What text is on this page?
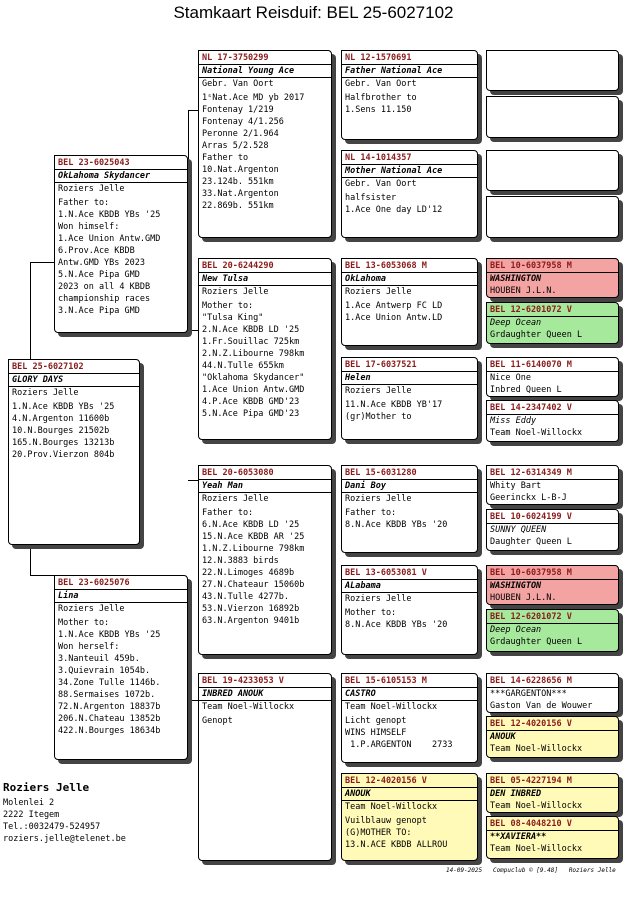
Stamkaart Reisduif: BEL 25-6027102
BEL 25-6027102
GLORY DAYS
Roziers Jelle
1.N.Ace KBDB YBs '25
4.N.Argenton 11600b
10.N.Bourges 21502b
165.N.Bourges 13213b
20.Prov.Vierzon 804b
BEL 23-6025043
OkLahoma Skydancer
Roziers Jelle
Father to:
1.N.Ace KBDB YBs '25
Won himself:
1.Ace Union Antw.GMD
6.Prov.Ace KBDB
Antw.GMD YBs 2023
5.N.Ace Pipa GMD
2023 on all 4 KBDB
championship races
3.N.Ace Pipa GMD
BEL 23-6025076
Lina
Roziers Jelle
Mother to:
1.N.Ace KBDB YBs '25
Won herself:
3.Nanteuil 459b.
3.Quievrain 1054b.
34.Zone Tulle 1146b.
88.Sermaises 1072b.
72.N.Argenton 18837b
206.N.Chateau 13852b
422.N.Bourges 18634b
NL 17-3750299
National Young Ace
Gebr. Van Oort
1ˢNat.Ace MD yb 2017
Fontenay 1/219
Fontenay 4/1.256
Peronne 2/1.964
Arras 5/2.528
Father to
10.Nat.Argenton
23.124b. 551km
33.Nat.Argenton
22.869b. 551km
BEL 20-6244290
New Tulsa
Roziers Jelle
Mother to:
"Tulsa King"
2.N.Ace KBDB LD '25
1.Fr.Souillac 725km
2.N.Z.Libourne 798km
44.N.Tulle 655km
"Oklahoma Skydancer"
1.Ace Union Antw.GMD
4.P.Ace KBDB GMD'23
5.N.Ace Pipa GMD'23
BEL 20-6053080
Yeah Man
Roziers Jelle
Father to:
6.N.Ace KBDB LD '25
15.N.Ace KBDB AR '25
1.N.Z.Libourne 798km
12.N.3883 birds
22.N.Limoges 4689b
27.N.Chateaur 15060b
43.N.Tulle 4277b.
53.N.Vierzon 16892b
63.N.Argenton 9401b
BEL 19-4233053 V
INBRED ANOUK
Team Noel-Willockx
Genopt
NL 12-1570691
Father National Ace
Gebr. Van Oort
Halfbrother to
1.Sens 11.150
NL 14-1014357
Mother National Ace
Gebr. Van Oort
halfsister
1.Ace One day LD'12
BEL 13-6053068 M
OkLahoma
Roziers Jelle
1.Ace Antwerp FC LD
1.Ace Union Antw.LD
BEL 17-6037521
Helen
Roziers Jelle
11.N.Ace KBDB YB'17
(gr)Mother to
BEL 15-6031280
Dani Boy
Roziers Jelle
Father to:
8.N.Ace KBDB YBs '20
BEL 13-6053081 V
ALabama
Roziers Jelle
Mother to:
8.N.Ace KBDB YBs '20
BEL 15-6105153 M
CASTRO
Team Noel-Willockx
Licht genopt
WINS HIMSELF
1.P.ARGENTON    2733
BEL 12-4020156 V
ANOUK
Team Noel-Willockx
Vuilblauw genopt
(G)MOTHER TO:
13.N.ACE KBDB ALLROU
BEL 10-6037958 M
WASHINGTON
HOUBEN J.L.N.
BEL 12-6201072 V
Deep Ocean
Grdaughter Queen L
BEL 11-6140070 M
Nice One
Inbred Queen L
BEL 14-2347402 V
Miss Eddy
Team Noel-Willockx
BEL 12-6314349 M
Whity Bart
Geerinckx L-B-J
BEL 10-6024199 V
SUNNY QUEEN
Daughter Queen L
BEL 10-6037958 M
WASHINGTON
HOUBEN J.L.N.
BEL 12-6201072 V
Deep Ocean
Grdaughter Queen L
BEL 14-6228656 M
***GARGENTON***
Gaston Van de Wouwer
BEL 12-4020156 V
ANOUK
Team Noel-Willockx
BEL 05-4227194 M
DEN INBRED
Team Noel-Willockx
BEL 08-4048210 V
**XAVIERA**
Team Noel-Willockx
Roziers Jelle
Molenlei 2
2222 Itegem
Tel.:0032479-524957
roziers.jelle@telenet.be
14-09-2025   Compuclub © [9.48]   Roziers Jelle
